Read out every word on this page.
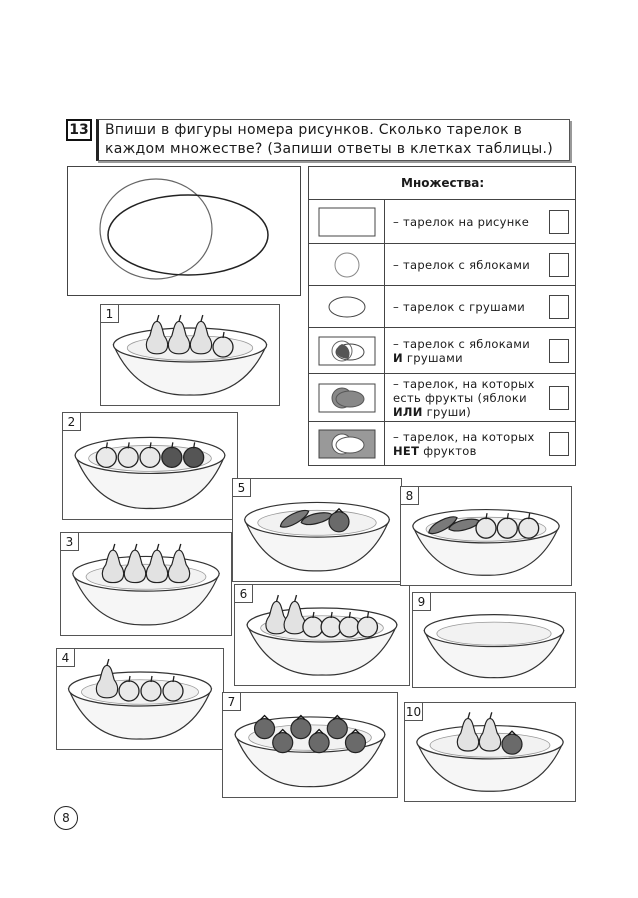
13 Впиши в фигуры номера рисунков. Сколько тарелок в
каждом множестве? (Запиши ответы в клетках таблицы.)
Множества:
– тарелок на рисунке
– тарелок с яблоками
– тарелок с грушами
– тарелок с яблоками И грушами
– тарелок, на которых есть фрукты (яблоки ИЛИ груши)
– тарелок, на которых НЕТ фруктов
1
2
3
4
5
6
7
8
9
10
8
